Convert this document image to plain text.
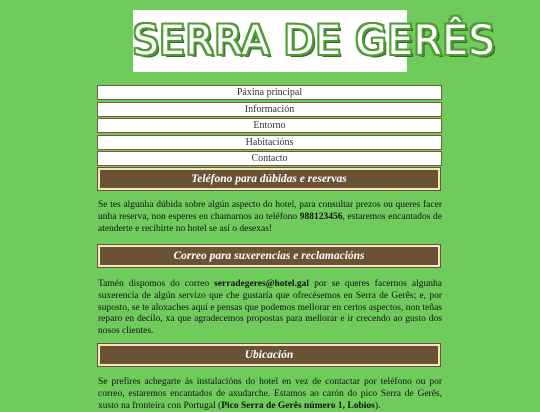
SERRA DE GERÊS
Páxina principal
Información
Entorno
Habitacións
Contacto
Teléfono para dúbidas e reservas

Se tes algunha dúbida sobre algún aspecto do hotel, para consultar prezos ou queres facer unha reserva, non esperes en chamarnos ao teléfono 988123456, estaremos encantados de atenderte e recibirte no hotel se así o desexas!

Correo para suxerencias e reclamacións

Tamén dispomos do correo serradegeres@hotel.gal por se queres facernos algunha suxerencia de algún servizo que che gustaría que ofrecésemos en Serra de Gerês; e, por suposto, se te aloxaches aquí e pensas que podemos mellorar en certos aspectos, non teñas reparo en decilo, xa que agradecemos propostas para mellorar e ir crecendo ao gusto dos nosos clientes.

Ubicación

Se prefires achegarte ás instalacións do hotel en vez de contactar por teléfono ou por correo, estaremos encantados de axudarche. Estamos ao carón do pico Serra de Gerês, xusto na fronteira con Portugal (Pico Serra de Gerês número 1, Lobios).
